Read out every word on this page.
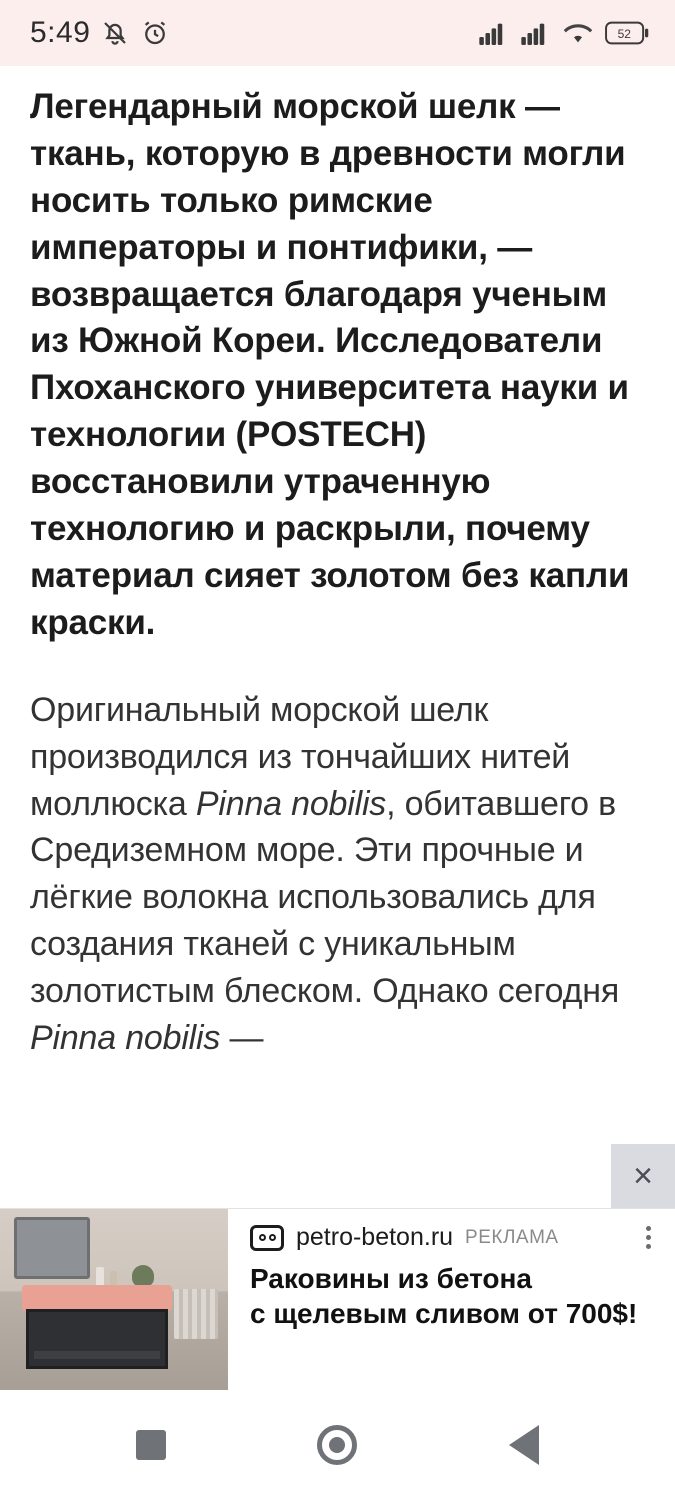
5:49	52

Легендарный морской шелк — ткань, которую в древности могли носить только римские императоры и понтифики, — возвращается благодаря ученым из Южной Кореи. Исследователи Пхоханского университета науки и технологии (POSTECH) восстановили утраченную технологию и раскрыли, почему материал сияет золотом без капли краски.

Оригинальный морской шелк производился из тончайших нитей моллюска Pinna nobilis, обитавшего в Средиземном море. Эти прочные и лёгкие волокна использовались для создания тканей с уникальным золотистым блеском. Однако сегодня Pinna nobilis —

×
petro-beton.ru РЕКЛАМА
Раковины из бетона
с щелевым сливом от 700$!
